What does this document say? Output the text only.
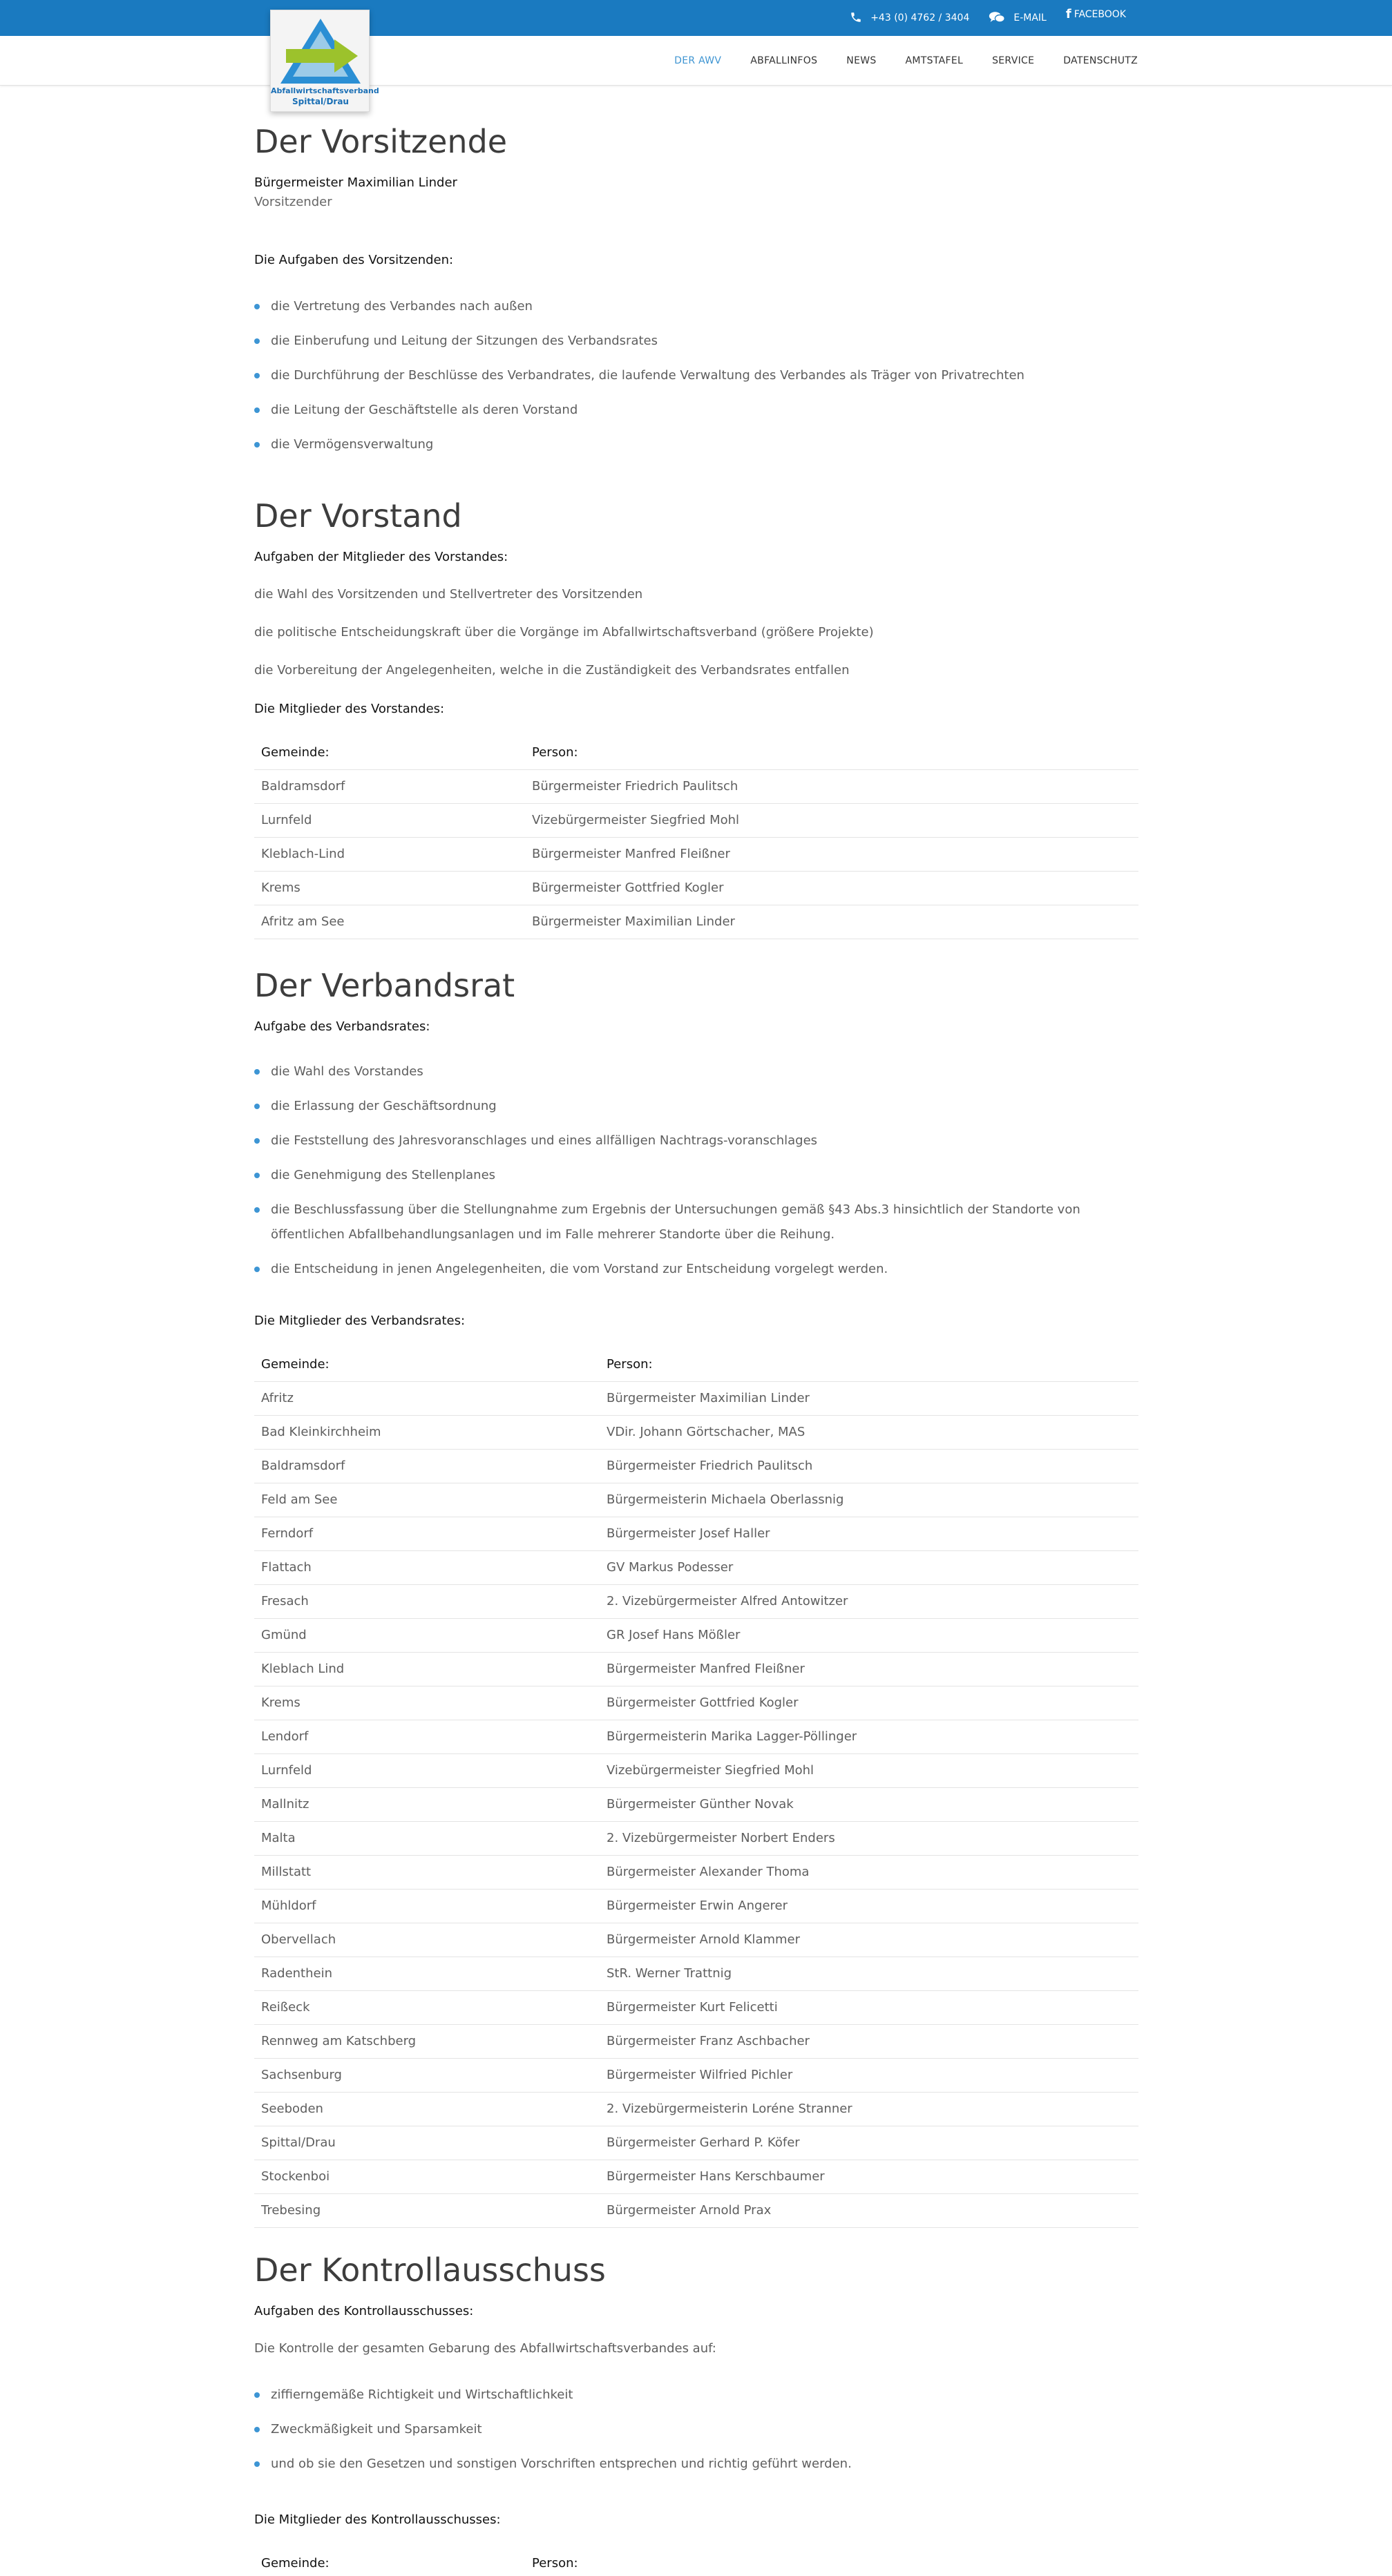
+43 (0) 4762 / 3404	E-MAIL f FACEBOOK
DER AWV	ABFALLINFOS	NEWS	AMTSTAFEL	SERVICE	DATENSCHUTZ
Abfallwirtschaftsverband
Spittal/Drau
Der Vorsitzende
Bürgermeister Maximilian Linder
Vorsitzender
Die Aufgaben des Vorsitzenden:
die Vertretung des Verbandes nach außen
die Einberufung und Leitung der Sitzungen des Verbandsrates
die Durchführung der Beschlüsse des Verbandrates, die laufende Verwaltung des Verbandes als Träger von Privatrechten
die Leitung der Geschäftstelle als deren Vorstand
die Vermögensverwaltung
Der Vorstand
Aufgaben der Mitglieder des Vorstandes:

die Wahl des Vorsitzenden und Stellvertreter des Vorsitzenden

die politische Entscheidungskraft über die Vorgänge im Abfallwirtschaftsverband (größere Projekte)

die Vorbereitung der Angelegenheiten, welche in die Zuständigkeit des Verbandsrates entfallen

Die Mitglieder des Vorstandes:
Gemeinde:	Person:
Baldramsdorf	Bürgermeister Friedrich Paulitsch
Lurnfeld	Vizebürgermeister Siegfried Mohl
Kleblach-Lind	Bürgermeister Manfred Fleißner
Krems	Bürgermeister Gottfried Kogler
Afritz am See	Bürgermeister Maximilian Linder
Der Verbandsrat
Aufgabe des Verbandsrates:
die Wahl des Vorstandes
die Erlassung der Geschäftsordnung
die Feststellung des Jahresvoranschlages und eines allfälligen Nachtrags-voranschlages
die Genehmigung des Stellenplanes
die Beschlussfassung über die Stellungnahme zum Ergebnis der Untersuchungen gemäß §43 Abs.3 hinsichtlich der Standorte von öffentlichen Abfallbehandlungsanlagen und im Falle mehrerer Standorte über die Reihung.
die Entscheidung in jenen Angelegenheiten, die vom Vorstand zur Entscheidung vorgelegt werden.
Die Mitglieder des Verbandsrates:
Gemeinde:	Person:
Afritz	Bürgermeister Maximilian Linder
Bad Kleinkirchheim	VDir. Johann Görtschacher, MAS
Baldramsdorf	Bürgermeister Friedrich Paulitsch
Feld am See	Bürgermeisterin Michaela Oberlassnig
Ferndorf	Bürgermeister Josef Haller
Flattach	GV Markus Podesser
Fresach	2. Vizebürgermeister Alfred Antowitzer
Gmünd	GR Josef Hans Mößler
Kleblach Lind	Bürgermeister Manfred Fleißner
Krems	Bürgermeister Gottfried Kogler
Lendorf	Bürgermeisterin Marika Lagger-Pöllinger
Lurnfeld	Vizebürgermeister Siegfried Mohl
Mallnitz	Bürgermeister Günther Novak
Malta	2. Vizebürgermeister Norbert Enders
Millstatt	Bürgermeister Alexander Thoma
Mühldorf	Bürgermeister Erwin Angerer
Obervellach	Bürgermeister Arnold Klammer
Radenthein	StR. Werner Trattnig
Reißeck	Bürgermeister Kurt Felicetti
Rennweg am Katschberg	Bürgermeister Franz Aschbacher
Sachsenburg	Bürgermeister Wilfried Pichler
Seeboden	2. Vizebürgermeisterin Loréne Stranner
Spittal/Drau	Bürgermeister Gerhard P. Köfer
Stockenboi	Bürgermeister Hans Kerschbaumer
Trebesing	Bürgermeister Arnold Prax
Der Kontrollausschuss
Aufgaben des Kontrollausschusses:

Die Kontrolle der gesamten Gebarung des Abfallwirtschaftsverbandes auf:

ziffierngemäße Richtigkeit und Wirtschaftlichkeit
Zweckmäßigkeit und Sparsamkeit
und ob sie den Gesetzen und sonstigen Vorschriften entsprechen und richtig geführt werden.
Die Mitglieder des Kontrollausschusses:
Gemeinde:	Person:
